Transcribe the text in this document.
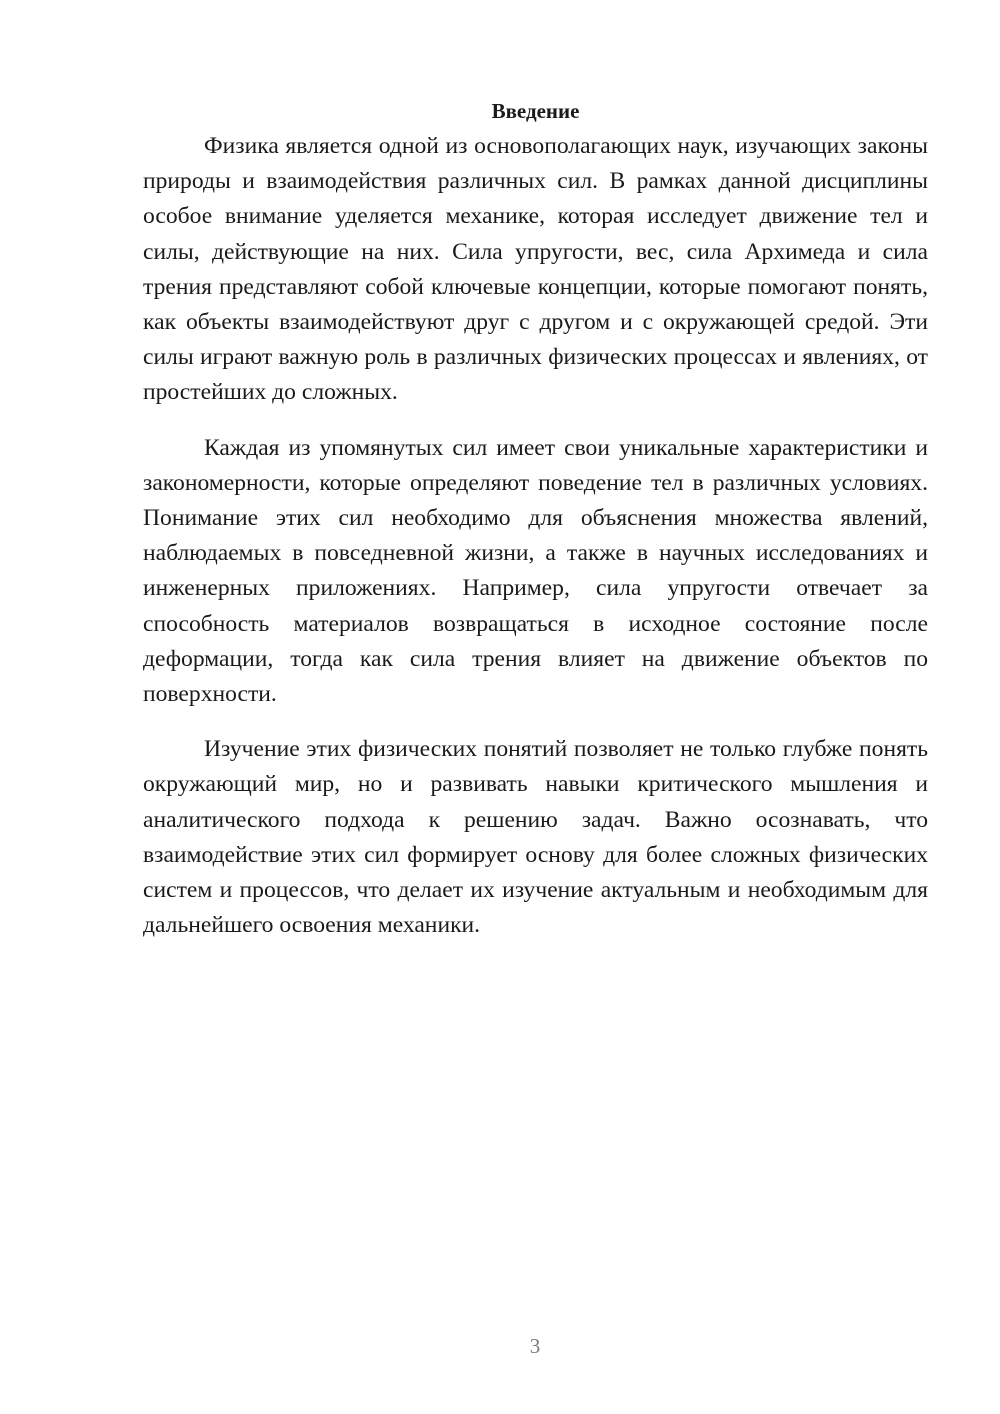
Введение

Физика является одной из основополагающих наук, изучающих законы природы и взаимодействия различных сил. В рамках данной дисциплины особое внимание уделяется механике, которая исследует движение тел и силы, действующие на них. Сила упругости, вес, сила Архимеда и сила трения представляют собой ключевые концепции, которые помогают понять, как объекты взаимодействуют друг с другом и с окружающей средой. Эти силы играют важную роль в различных физических процессах и явлениях, от простейших до сложных.

Каждая из упомянутых сил имеет свои уникальные характеристики и закономерности, которые определяют поведение тел в различных условиях. Понимание этих сил необходимо для объяснения множества явлений, наблюдаемых в повседневной жизни, а также в научных исследованиях и инженерных приложениях. Например, сила упругости отвечает за способность материалов возвращаться в исходное состояние после деформации, тогда как сила трения влияет на движение объектов по поверхности.

Изучение этих физических понятий позволяет не только глубже понять окружающий мир, но и развивать навыки критического мышления и аналитического подхода к решению задач. Важно осознавать, что взаимодействие этих сил формирует основу для более сложных физических систем и процессов, что делает их изучение актуальным и необходимым для дальнейшего освоения механики.

3
